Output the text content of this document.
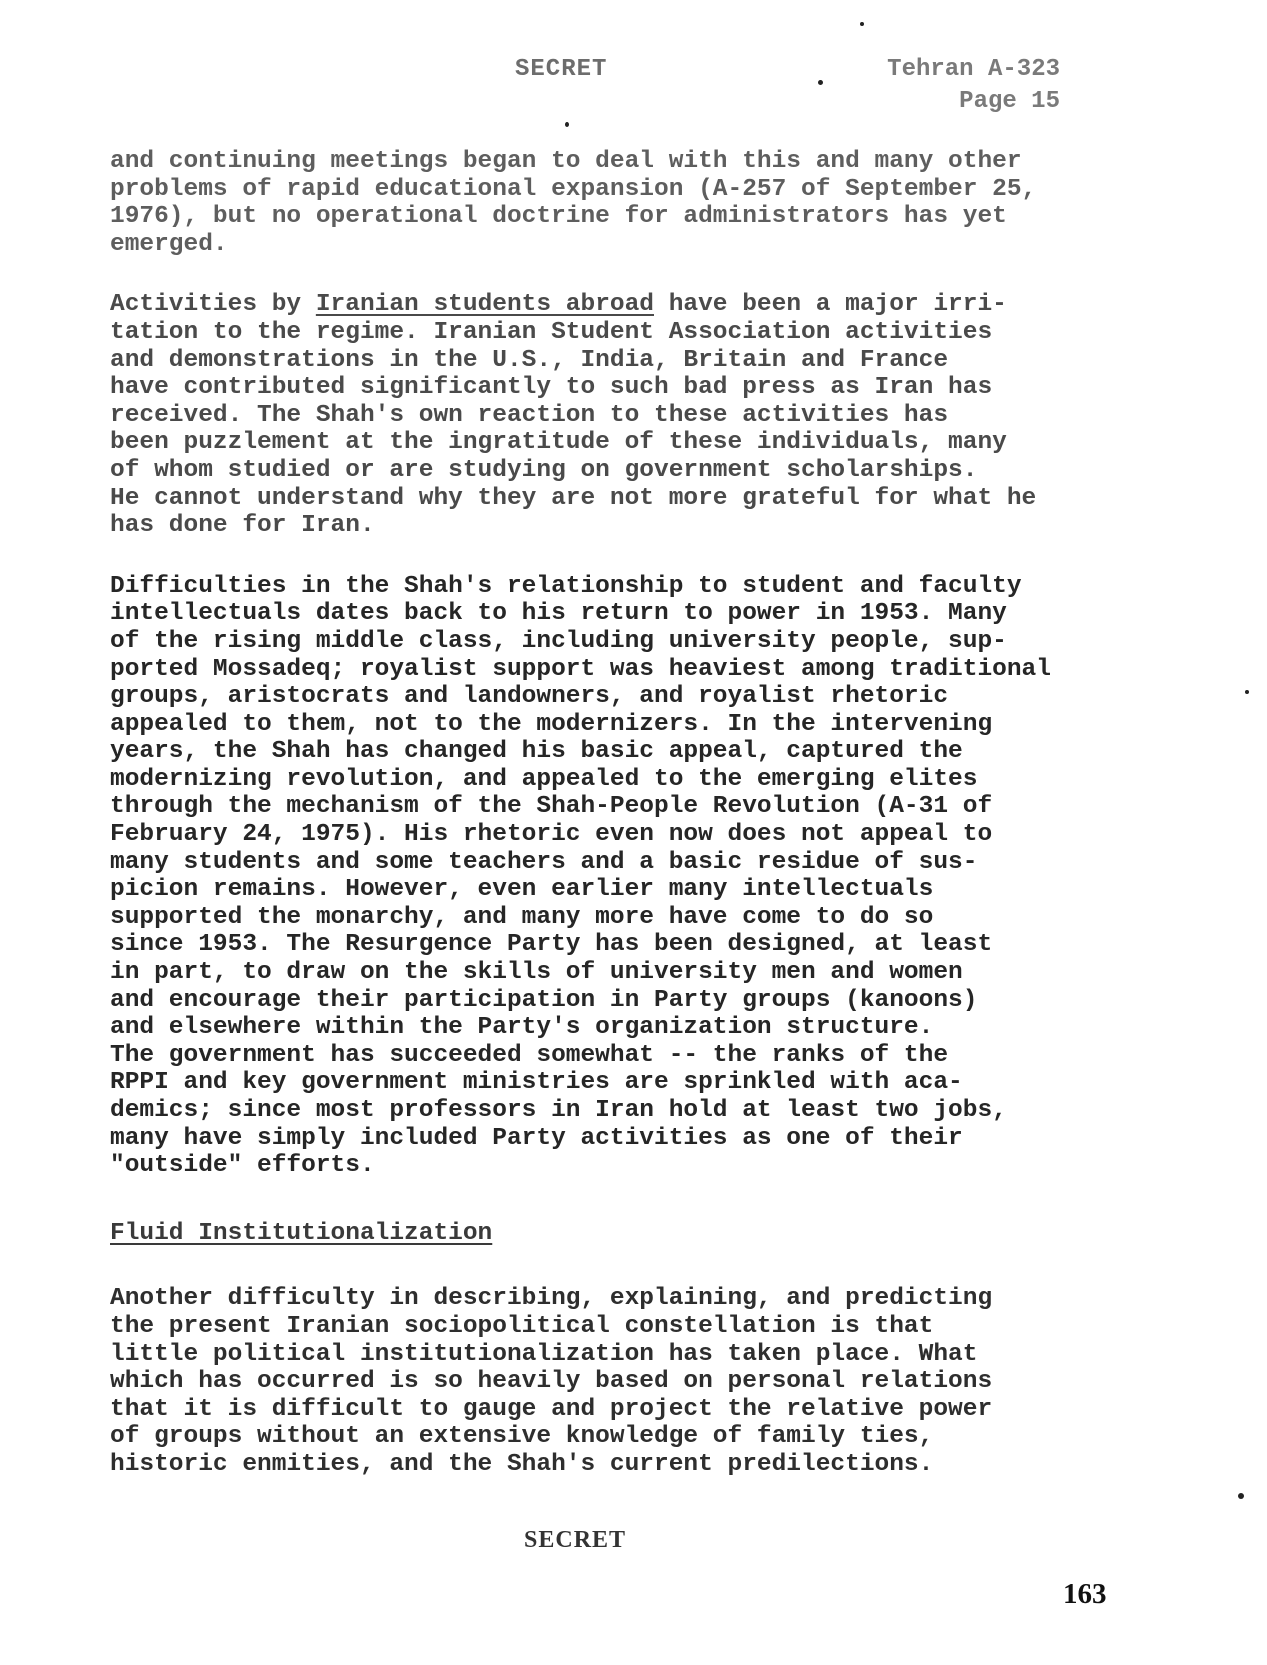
SECRET	Tehran A-323
Page 15

and continuing meetings began to deal with this and many other
problems of rapid educational expansion (A-257 of September 25,
1976), but no operational doctrine for administrators has yet
emerged.

Activities by Iranian students abroad have been a major irri-
tation to the regime. Iranian Student Association activities
and demonstrations in the U.S., India, Britain and France
have contributed significantly to such bad press as Iran has
received. The Shah's own reaction to these activities has
been puzzlement at the ingratitude of these individuals, many
of whom studied or are studying on government scholarships.
He cannot understand why they are not more grateful for what he
has done for Iran.

Difficulties in the Shah's relationship to student and faculty
intellectuals dates back to his return to power in 1953. Many
of the rising middle class, including university people, sup-
ported Mossadeq; royalist support was heaviest among traditional
groups, aristocrats and landowners, and royalist rhetoric
appealed to them, not to the modernizers. In the intervening
years, the Shah has changed his basic appeal, captured the
modernizing revolution, and appealed to the emerging elites
through the mechanism of the Shah-People Revolution (A-31 of
February 24, 1975). His rhetoric even now does not appeal to
many students and some teachers and a basic residue of sus-
picion remains. However, even earlier many intellectuals
supported the monarchy, and many more have come to do so
since 1953. The Resurgence Party has been designed, at least
in part, to draw on the skills of university men and women
and encourage their participation in Party groups (kanoons)
and elsewhere within the Party's organization structure.
The government has succeeded somewhat -- the ranks of the
RPPI and key government ministries are sprinkled with aca-
demics; since most professors in Iran hold at least two jobs,
many have simply included Party activities as one of their
"outside" efforts.

Fluid Institutionalization

Another difficulty in describing, explaining, and predicting
the present Iranian sociopolitical constellation is that
little political institutionalization has taken place. What
which has occurred is so heavily based on personal relations
that it is difficult to gauge and project the relative power
of groups without an extensive knowledge of family ties,
historic enmities, and the Shah's current predilections.

SECRET
163
